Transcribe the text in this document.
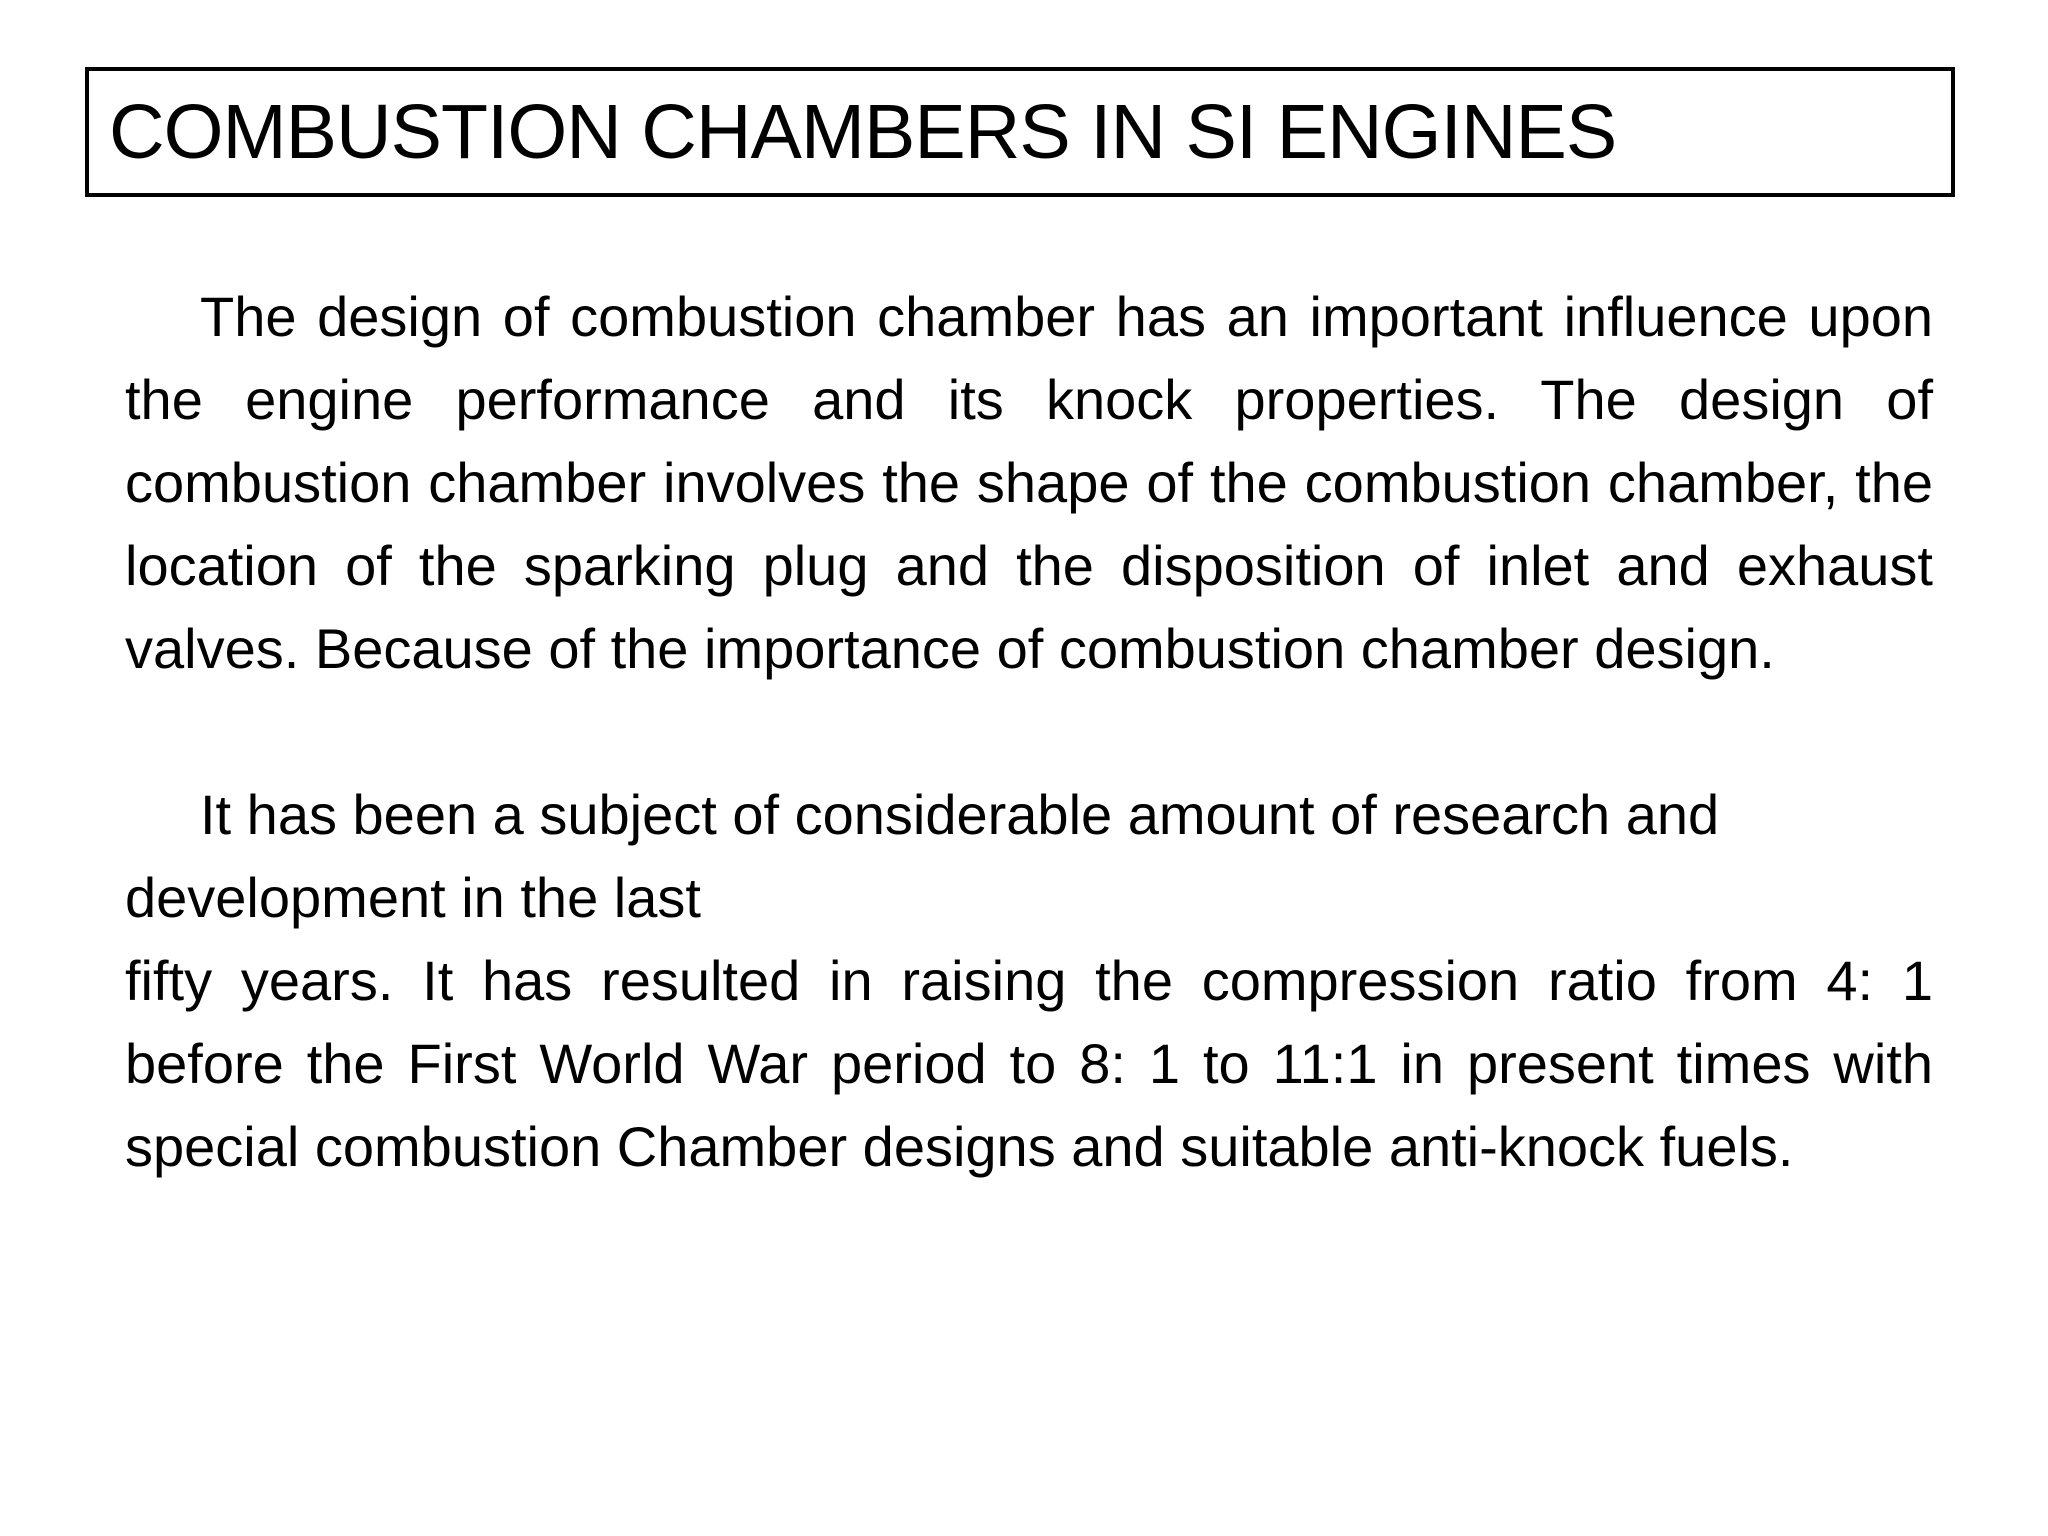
COMBUSTION CHAMBERS IN SI ENGINES

The design of combustion chamber has an important influence upon the engine performance and its knock properties. The design of combustion chamber involves the shape of the combustion chamber, the location of the sparking plug and the disposition of inlet and exhaust valves. Because of the importance of combustion chamber design.

It has been a subject of considerable amount of research and development in the last
fifty years. It has resulted in raising the compression ratio from 4: 1 before the First World War period to 8: 1 to 11:1 in present times with special combustion Chamber designs and suitable anti-knock fuels.
